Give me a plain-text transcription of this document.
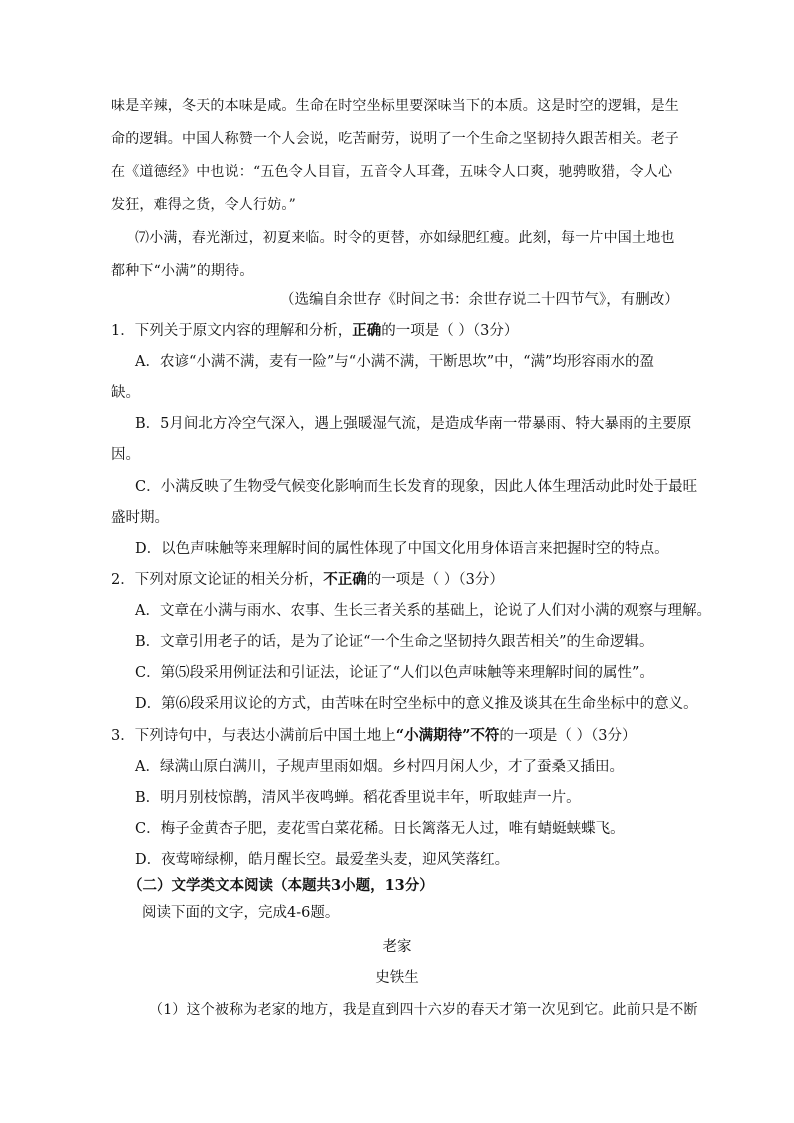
味是辛辣，冬天的本味是咸。生命在时空坐标里要深味当下的本质。这是时空的逻辑，是生
命的逻辑。中国人称赞一个人会说，吃苦耐劳，说明了一个生命之坚韧持久跟苦相关。老子
在《道德经》中也说：“五色令人目盲，五音令人耳聋，五味令人口爽，驰骋畋猎，令人心
发狂，难得之货，令人行妨。”
⑺小满，春光渐过，初夏来临。时令的更替，亦如绿肥红瘦。此刻，每一片中国土地也
都种下“小满”的期待。
（选编自余世存《时间之书：余世存说二十四节气》，有删改）
1．下列关于原文内容的理解和分析，正确的一项是（ ）（3分）
A．农谚“小满不满，麦有一险”与“小满不满，干断思坎”中，“满”均形容雨水的盈
缺。
B．5月间北方冷空气深入，遇上强暖湿气流，是造成华南一带暴雨、特大暴雨的主要原
因。
C．小满反映了生物受气候变化影响而生长发育的现象，因此人体生理活动此时处于最旺
盛时期。
D．以色声味触等来理解时间的属性体现了中国文化用身体语言来把握时空的特点。
2．下列对原文论证的相关分析，不正确的一项是（ ）（3分）
A．文章在小满与雨水、农事、生长三者关系的基础上，论说了人们对小满的观察与理解。
B．文章引用老子的话，是为了论证“一个生命之坚韧持久跟苦相关”的生命逻辑。
C．第⑸段采用例证法和引证法，论证了“人们以色声味触等来理解时间的属性”。
D．第⑹段采用议论的方式，由苦味在时空坐标中的意义推及谈其在生命坐标中的意义。
3．下列诗句中，与表达小满前后中国土地上“小满期待”不符的一项是（ ）（3分）
A．绿满山原白满川，子规声里雨如烟。乡村四月闲人少，才了蚕桑又插田。
B．明月别枝惊鹊，清风半夜鸣蝉。稻花香里说丰年，听取蛙声一片。
C．梅子金黄杏子肥，麦花雪白菜花稀。日长篱落无人过，唯有蜻蜓蛱蝶飞。
D．夜莺啼绿柳，皓月醒长空。最爱垄头麦，迎风笑落红。
（二）文学类文本阅读（本题共3小题，13分）
阅读下面的文字，完成4-6题。
老家
史铁生
（1）这个被称为老家的地方，我是直到四十六岁的春天才第一次见到它。此前只是不断
